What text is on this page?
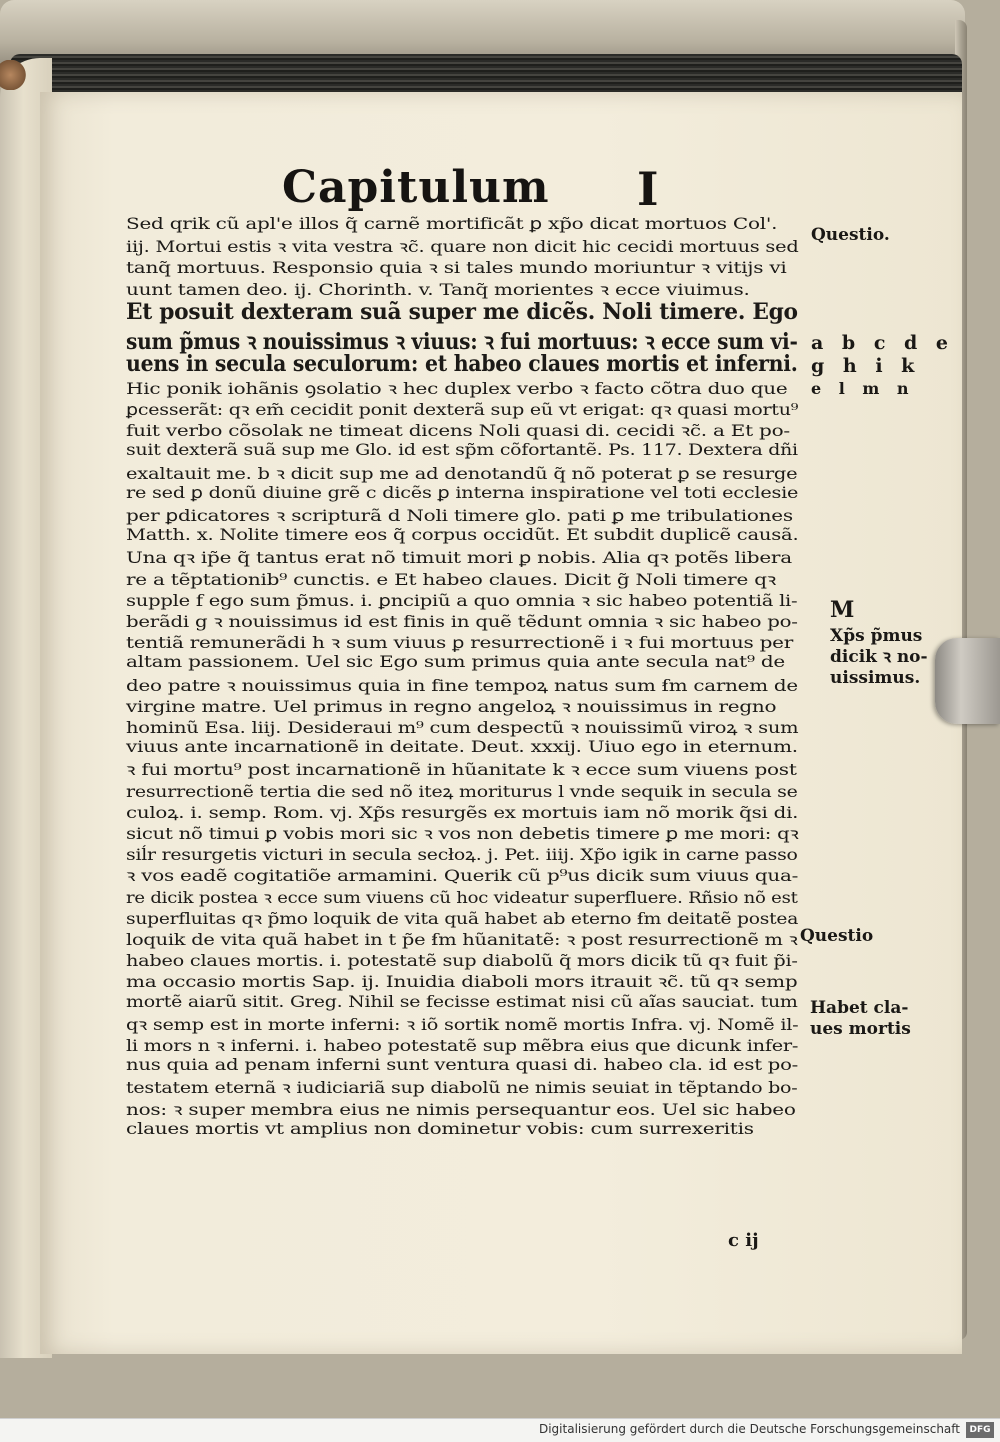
Capitulum I
Sed qrik cũ apl'e illos q̃ carnẽ mortificãt ꝑ xp̃o dicat mortuos Col'.
iij. Mortui estis ꝛ vita vestra ꝛc̃. quare non dicit hic cecidi mortuus sed
tanq̃ mortuus. Responsio quia ꝛ si tales mundo moriuntur ꝛ vitijs vi
uunt tamen deo. ij. Chorinth. v. Tanq̃ morientes ꝛ ecce viuimus.
Et posuit dexteram suã super me dicẽs. Noli timere. Ego
sum p̃mus ꝛ nouissimus ꝛ viuus: ꝛ fui mortuus: ꝛ ecce sum vi-
uens in secula seculorum: et habeo claues mortis et inferni.
Hic ponik iohãnis ꝯsolatio ꝛ hec duplex verbo ꝛ facto cõtra duo que
ꝑcesserãt: qꝛ em̃ cecidit ponit dexterã sup eũ vt erigat: qꝛ quasi mortu⁹
fuit verbo cõsolak ne timeat dicens Noli quasi di. cecidi ꝛc̃. a Et po-
suit dexterã suã sup me Glo. id est sp̃m cõfortantẽ. Ps. 117. Dextera dñi
exaltauit me. b ꝛ dicit sup me ad denotandũ q̃ nõ poterat ꝑ se resurge
re sed ꝑ donũ diuine grẽ c dicẽs ꝑ interna inspiratione vel toti ecclesie
per ꝑdicatores ꝛ scripturã d Noli timere glo. pati ꝑ me tribulationes
Matth. x. Nolite timere eos q̃ corpus occidũt. Et subdit duplicẽ causã.
Una qꝛ ip̃e q̃ tantus erat nõ timuit mori ꝑ nobis. Alia qꝛ potẽs libera
re a tẽptationib⁹ cunctis. e Et habeo claues. Dicit g̃ Noli timere qꝛ
supple f ego sum p̃mus. i. ꝑncipiũ a quo omnia ꝛ sic habeo potentiã li-
berãdi g ꝛ nouissimus id est finis in quẽ tẽdunt omnia ꝛ sic habeo po-
tentiã remunerãdi h ꝛ sum viuus ꝑ resurrectionẽ i ꝛ fui mortuus per
altam passionem. Uel sic Ego sum primus quia ante secula nat⁹ de
deo patre ꝛ nouissimus quia in fine tempoꝝ natus sum ẜm carnem de
virgine matre. Uel primus in regno angeloꝝ ꝛ nouissimus in regno
hominũ Esa. liij. Desideraui m⁹ cum despectũ ꝛ nouissimũ viroꝝ ꝛ sum
viuus ante incarnationẽ in deitate. Deut. xxxij. Uiuo ego in eternum.
ꝛ fui mortu⁹ post incarnationẽ in hũanitate k ꝛ ecce sum viuens post
resurrectionẽ tertia die sed nõ iteꝝ moriturus l vnde sequik in secula se
culoꝝ. i. semp. Rom. vj. Xp̃s resurgẽs ex mortuis iam nõ morik q̃si di.
sicut nõ timui ꝑ vobis mori sic ꝛ vos non debetis timere ꝑ me mori: qꝛ
siĺr resurgetis victuri in secula secłoꝝ. j. Pet. iiij. Xp̃o igik in carne passo
ꝛ vos eadẽ cogitatiõe armamini. Querik cũ p⁹us dicik sum viuus qua-
re dicik postea ꝛ ecce sum viuens cũ hoc videatur superfluere. Rñsio nõ est
superfluitas qꝛ p̃mo loquik de vita quã habet ab eterno ẜm deitatẽ postea
loquik de vita quã habet in t p̃e ẜm hũanitatẽ: ꝛ post resurrectionẽ m ꝛ
habeo claues mortis. i. potestatẽ sup diabolũ q̃ mors dicik tũ qꝛ fuit p̃i-
ma occasio mortis Sap. ij. Inuidia diaboli mors itrauit ꝛc̃. tũ qꝛ semp
mortẽ aiarũ sitit. Greg. Nihil se fecisse estimat nisi cũ aĩas sauciat. tum
qꝛ semp est in morte inferni: ꝛ iõ sortik nomẽ mortis Infra. vj. Nomẽ il-
li mors n ꝛ inferni. i. habeo potestatẽ sup mẽbra eius que dicunk infer-
nus quia ad penam inferni sunt ventura quasi di. habeo cla. id est po-
testatem eternã ꝛ iudiciariã sup diabolũ ne nimis seuiat in tẽptando bo-
nos: ꝛ super membra eius ne nimis persequantur eos. Uel sic habeo
claues mortis vt amplius non dominetur vobis: cum surrexeritis
Questio.
a b c d e
g h i k
e l m n
M
Xp̃s p̃mus
dicik ꝛ no-
uissimus.
Questio
Habet cla-
ues mortis
c ij
Digitalisierung gefördert durch die Deutsche Forschungsgemeinschaft	DFG
